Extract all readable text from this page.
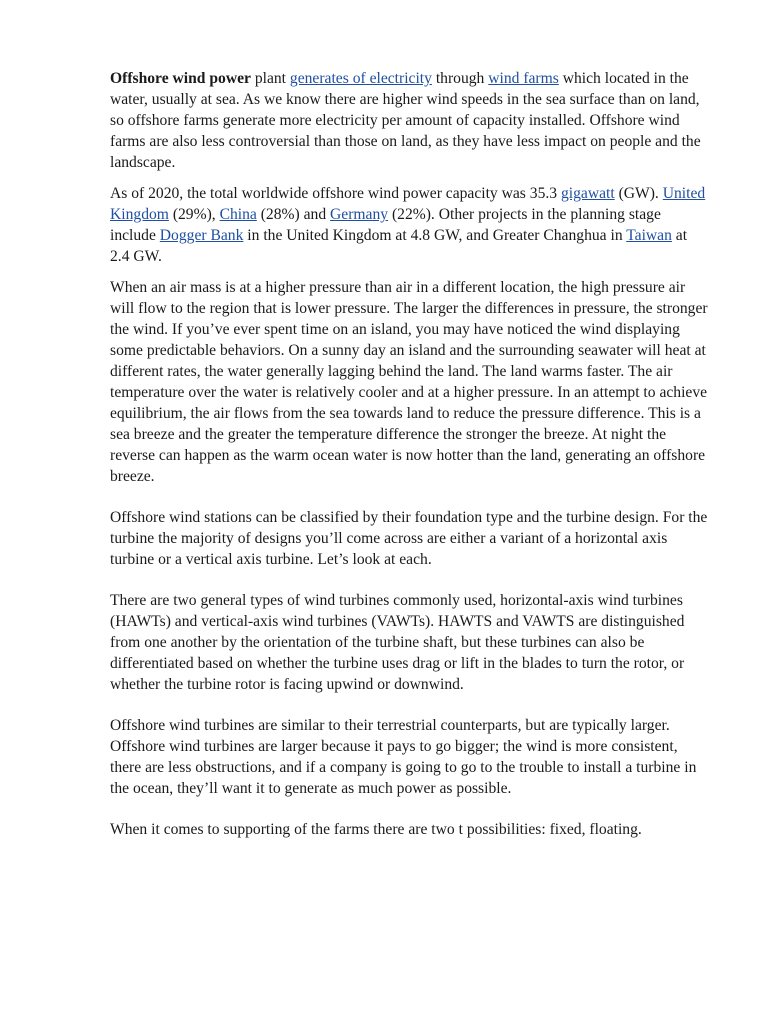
Offshore wind power plant generates of electricity through wind farms which located in the water, usually at sea. As we know there are higher wind speeds in the sea surface than on land, so offshore farms generate more electricity per amount of capacity installed. Offshore wind farms are also less controversial than those on land, as they have less impact on people and the landscape.

As of 2020, the total worldwide offshore wind power capacity was 35.3 gigawatt (GW). United Kingdom (29%), China (28%) and Germany (22%). Other projects in the planning stage include Dogger Bank in the United Kingdom at 4.8 GW, and Greater Changhua in Taiwan at 2.4 GW.

When an air mass is at a higher pressure than air in a different location, the high pressure air will flow to the region that is lower pressure. The larger the differences in pressure, the stronger the wind. If you’ve ever spent time on an island, you may have noticed the wind displaying some predictable behaviors. On a sunny day an island and the surrounding seawater will heat at different rates, the water generally lagging behind the land. The land warms faster. The air temperature over the water is relatively cooler and at a higher pressure. In an attempt to achieve equilibrium, the air flows from the sea towards land to reduce the pressure difference. This is a sea breeze and the greater the temperature difference the stronger the breeze. At night the reverse can happen as the warm ocean water is now hotter than the land, generating an offshore breeze.

Offshore wind stations can be classified by their foundation type and the turbine design. For the turbine the majority of designs you’ll come across are either a variant of a horizontal axis turbine or a vertical axis turbine. Let’s look at each.

There are two general types of wind turbines commonly used, horizontal-axis wind turbines (HAWTs) and vertical-axis wind turbines (VAWTs). HAWTS and VAWTS are distinguished from one another by the orientation of the turbine shaft, but these turbines can also be differentiated based on whether the turbine uses drag or lift in the blades to turn the rotor, or whether the turbine rotor is facing upwind or downwind.

Offshore wind turbines are similar to their terrestrial counterparts, but are typically larger. Offshore wind turbines are larger because it pays to go bigger; the wind is more consistent, there are less obstructions, and if a company is going to go to the trouble to install a turbine in the ocean, they’ll want it to generate as much power as possible.

When it comes to supporting of the farms there are two t possibilities: fixed, floating.
